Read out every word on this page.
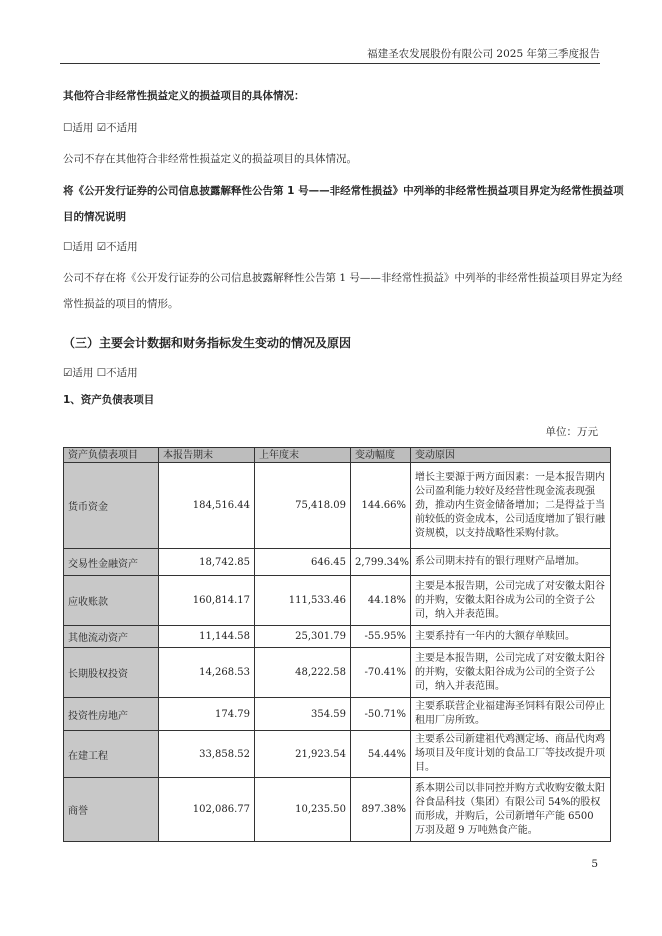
福建圣农发展股份有限公司 2025 年第三季度报告
其他符合非经常性损益定义的损益项目的具体情况：
☐适用 ☑不适用
公司不存在其他符合非经常性损益定义的损益项目的具体情况。
将《公开发行证券的公司信息披露解释性公告第 1 号——非经常性损益》中列举的非经常性损益项目界定为经常性损益项
目的情况说明
☐适用 ☑不适用
公司不存在将《公开发行证券的公司信息披露解释性公告第 1 号——非经常性损益》中列举的非经常性损益项目界定为经
常性损益的项目的情形。
（三）主要会计数据和财务指标发生变动的情况及原因
☑适用 ☐不适用
1、资产负债表项目
单位：万元
资产负债表项目	本报告期末	上年度末	变动幅度	变动原因
货币资金	184,516.44	75,418.09	144.66%	增长主要源于两方面因素：一是本报告期内公司盈利能力较好及经营性现金流表现强劲，推动内生资金储备增加；二是得益于当前较低的资金成本，公司适度增加了银行融资规模，以支持战略性采购付款。
交易性金融资产	18,742.85	646.45	2,799.34%	系公司期末持有的银行理财产品增加。
应收账款	160,814.17	111,533.46	44.18%	主要是本报告期，公司完成了对安徽太阳谷的并购，安徽太阳谷成为公司的全资子公司，纳入并表范围。
其他流动资产	11,144.58	25,301.79	-55.95%	主要系持有一年内的大额存单赎回。
长期股权投资	14,268.53	48,222.58	-70.41%	主要是本报告期，公司完成了对安徽太阳谷的并购，安徽太阳谷成为公司的全资子公司，纳入并表范围。
投资性房地产	174.79	354.59	-50.71%	主要系联营企业福建海圣饲料有限公司停止租用厂房所致。
在建工程	33,858.52	21,923.54	54.44%	主要系公司新建祖代鸡测定场、商品代肉鸡场项目及年度计划的食品工厂等技改提升项目。
商誉	102,086.77	10,235.50	897.38%	系本期公司以非同控并购方式收购安徽太阳谷食品科技（集团）有限公司 54%的股权而形成，并购后，公司新增年产能 6500 万羽及超 9 万吨熟食产能。
5
